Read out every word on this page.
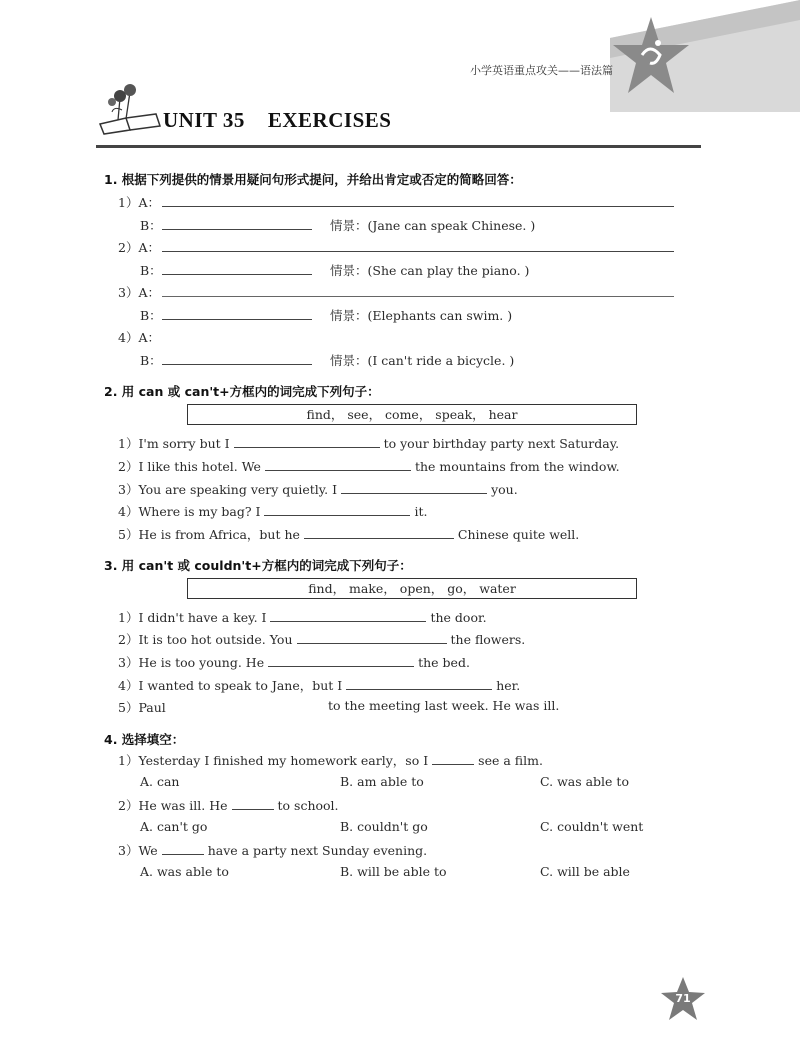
小学英语重点攻关——语法篇
UNIT 35    EXERCISES
1. 根据下列提供的情景用疑问句形式提问，并给出肯定或否定的简略回答：
1）A：
B：	情景：(Jane can speak Chinese. )
2）A：
B：	情景：(She can play the piano. )
3）A：
B：	情景：(Elephants can swim. )
4）A：
B：	情景：(I can't ride a bicycle. )
2. 用 can 或 can't+方框内的词完成下列句子：
find， see， come， speak， hear
1）I'm sorry but I	to your birthday party next Saturday.
2）I like this hotel. We	the mountains from the window.
3）You are speaking very quietly. I	you.
4）Where is my bag? I	it.
5）He is from Africa，but he	Chinese quite well.
3. 用 can't 或 couldn't+方框内的词完成下列句子：
find， make， open， go， water
1）I didn't have a key. I	the door.
2）It is too hot outside. You	the flowers.
3）He is too young. He	the bed.
4）I wanted to speak to Jane，but I	her.
5）Paul	to the meeting last week. He was ill.
4. 选择填空：
1）Yesterday I finished my homework early，so I	see a film.
A. can	B. am able to	C. was able to
2）He was ill. He	to school.
A. can't go	B. couldn't go	C. couldn't went
3）We	have a party next Sunday evening.
A. was able to	B. will be able to	C. will be able
71
